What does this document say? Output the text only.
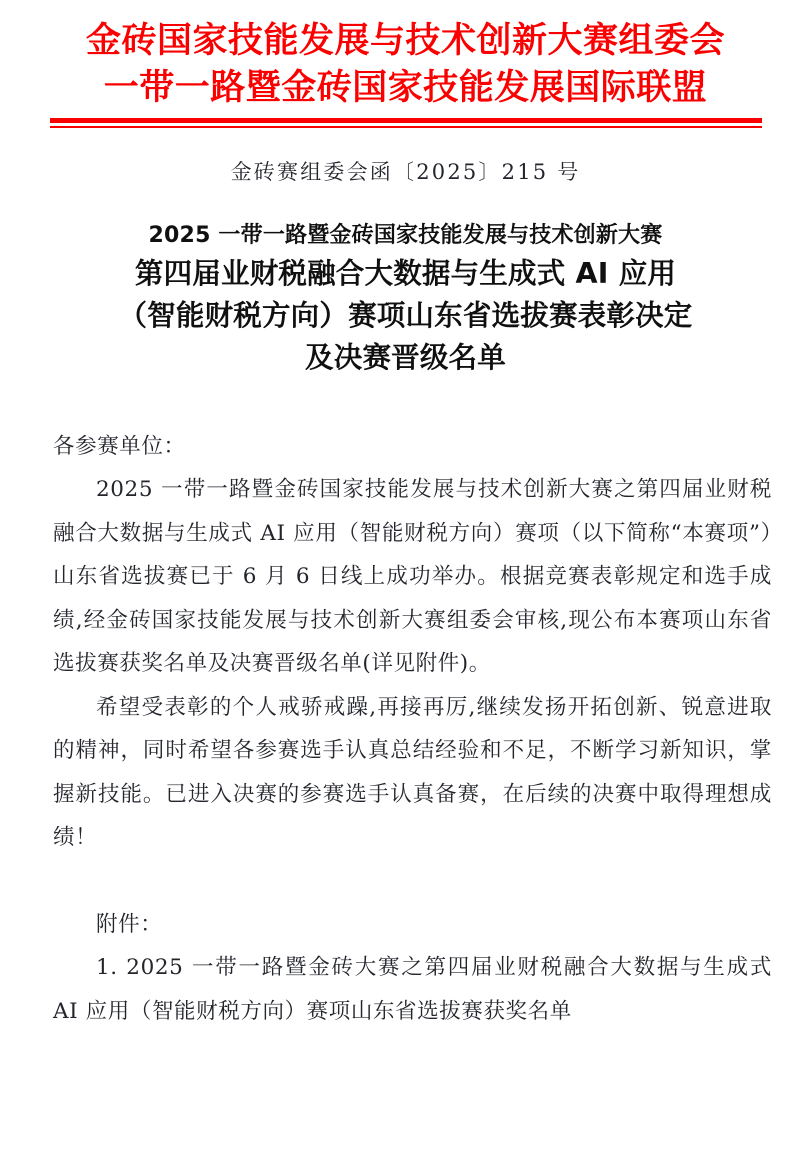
金砖国家技能发展与技术创新大赛组委会
一带一路暨金砖国家技能发展国际联盟
金砖赛组委会函〔2025〕215 号
2025 一带一路暨金砖国家技能发展与技术创新大赛
第四届业财税融合大数据与生成式 AI 应用
（智能财税方向）赛项山东省选拔赛表彰决定
及决赛晋级名单

各参赛单位：

2025 一带一路暨金砖国家技能发展与技术创新大赛之第四届业财税融合大数据与生成式 AI 应用（智能财税方向）赛项（以下简称“本赛项”）山东省选拔赛已于 6 月 6 日线上成功举办。根据竞赛表彰规定和选手成绩,经金砖国家技能发展与技术创新大赛组委会审核,现公布本赛项山东省选拔赛获奖名单及决赛晋级名单(详见附件)。

希望受表彰的个人戒骄戒躁,再接再厉,继续发扬开拓创新、锐意进取的精神，同时希望各参赛选手认真总结经验和不足，不断学习新知识，掌握新技能。已进入决赛的参赛选手认真备赛，在后续的决赛中取得理想成绩！

附件：

1. 2025 一带一路暨金砖大赛之第四届业财税融合大数据与生成式 AI 应用（智能财税方向）赛项山东省选拔赛获奖名单
